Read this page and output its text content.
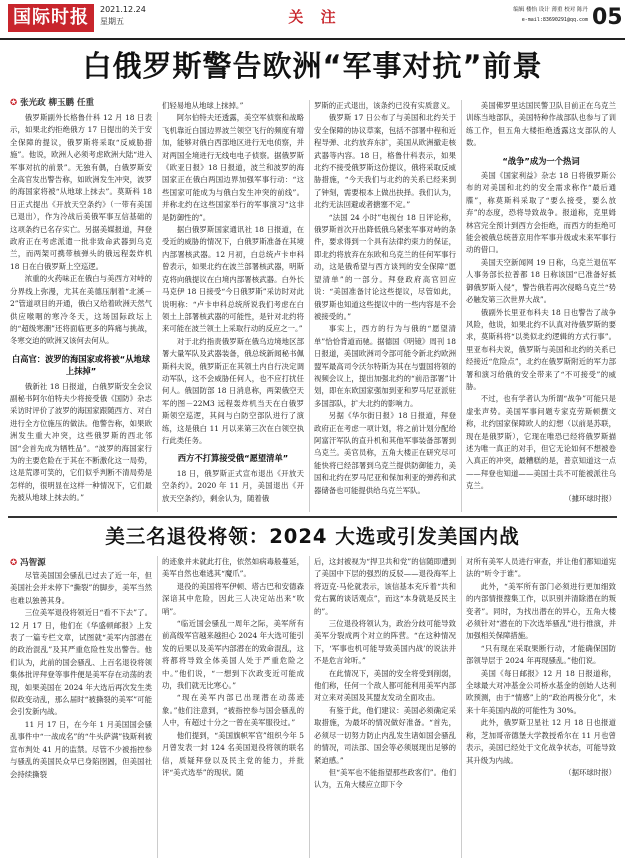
国际时报	2021.12.24
星期五	关 注	编辑 楼怡 设计 薄重 校对 陈丹
e-mail:83690291@qq.com 05
白俄罗斯警告欧洲“军事对抗”前景
✪ 张光政 柳玉鹏 任重

俄罗斯副外长格鲁什科 12 月 18 日表示，如果北约拒绝俄方 17 日提出的关于安全保障的提议，俄罗斯将采取“反威胁措施”。他说，欧洲人必须考虑欧洲大陆“进入军事对抗的前景”。无独有偶，白俄罗斯安全高官发出警告称，如欧洲发生冲突，波罗的海国家将被“从地球上抹去”。莫斯科 18 日正式提出《开放天空条约》（一带有美国已退出），作为冷战后美俄军事互信基础的这项条约已名存实亡。另据美媒报道，拜登政府正在考虑派遣一批非致命武器到乌克兰，而两架可携带核弹头的俄远程轰炸机 18 日在白俄罗斯上空巡逻。

浓重的火药味正在俄白与美西方对峙的分界线上弥漫，尤其在美德压制着“北溪－2”管道项目的开通，俄白又给着欧洲天然气供应喉咽的寒冷冬天，这场国际政坛上的“超级寒潮”还将面临更多的阵痛与挑战，冬寒交迫的欧洲又该何去何从。

白高官：波罗的海国家或将被“从地球上抹掉”

俄新社 18 日报道，白俄罗斯安全会议副秘书阿尔伯特夫少将接受俄《国防》杂志采访时评价了波罗的海国家跟随西方、对白进行全方位施压的做法。他警告称，如果欧洲发生重大冲突，这些俄罗斯的西北邻国“会首先成为牺牲品”。“波罗的海国家行为的主要危险在于其在不断激化这一局势，这是荒谬可笑的，它们似乎判断不清局势是怎样的，很明显在这样一种情况下，它们最先被从地球上抹去的。”

们轻易地从地球上抹掉。”

阿尔伯特夫还透露，美空军侦察和战略飞机靠近白国边界波兰领空飞行的频度有增加，能够对俄白西部地区进行无电侦察，并对两国全境进行无线电电子侦察。据俄罗斯《欧亚日报》18 日报道，波兰和波罗的海国家正在俄白两国边界加强军事行动：“这些国家可能成为与俄白发生冲突的前线”。并称北约在这些国家举行的军事演习“这非是防御性的”。

据白俄罗斯国家通讯社 18 日报道，在受近的威胁的情况下，白俄罗斯准备在其境内部署核武器。12 月初，白总统卢卡申科曾表示，如果北约在波兰部署核武器，明斯克将向俄提议在白境内部署核武器。白外长马克伊 18 日接受“今日俄罗斯”采访时对此说明称：“卢卡申科总统所说我们考虑在白领土上部署核武器的可能性，是针对北约将来可能在波兰领土上采取行动的反应之一。”

对于北约指责俄罗斯在俄乌边境地区部署大量军队及武器装备，俄总统新闻秘书佩斯科夫说，俄罗斯正在其领土内自行决定调动军队，这不会威胁任何人，也不应打扰任何人。俄国防部 18 日消息称，两架俄空天军的图－22M3 远程轰炸机当天在白俄罗斯领空巡逻，其间与白防空部队进行了演练，这是俄白 11 月以来第三次在白领空执行此类任务。

西方不打算接受俄“愿望清单”

18 日，俄罗斯正式宣布退出《开放天空条约》。2020 年 11 月，美国退出《开放天空条约》，剩余认为，随着俄

罗斯的正式退出，该条约已没有实质意义。

俄罗斯 17 日公布了与美国和北约关于安全保障的协议草案，包括不部署中程和近程导弹、北约放弃东扩，美国从欧洲撤走核武器等内容。18 日，格鲁什科表示，如果北约不接受俄罗斯这份提议，俄将采取反威胁措施，“今天我们与北约的关系已经来到了钟刻，需要根本上做出抉择。我们认为，北约无法回避或者搪塞不定。”

“法国 24 小时”电视台 18 日评论称，俄罗斯首次开出降低俄乌紧张军事对峙的条件，要求得到一个具有法律约束力的保证，即北约将放弃在东欧和乌克兰的任何军事行动，这是俄希望与西方谈判的安全保障“愿望清单”的一部分。拜登政府高官回应说：“美国准备讨论这些提议，尽管如此，俄罗斯也知道这些提议中的一些内容是不会被接受的。”

事实上，西方的行为与俄的“愿望清单”恰恰背道而驰。据德国《明镜》周刊 18 日报道，美国欧洲司令部可能令新北约欧洲盟军最高司令沃尔特斯为其在与盟国将领的视频会议上，提出加强北约的“前沿部署”计划，即在东欧国家强加到亚和罗马尼亚派驻多国部队，扩大北约的影响力。

另据《华尔街日报》18 日报道，拜登政府正在考虑一项计划，将之前计划分配给阿富汗军队的直升机和其他军事装备部署到乌克兰。美官员称，五角大楼正在研究尽可能快将已经部署到乌克兰提供防御能力，美国和北约在罗马尼亚和保加利亚的弹药和武器储备也可能提供给乌克兰军队。

美国佛罗里达国民警卫队目前正在乌克兰训练当地部队，美国特种作战部队也参与了训练工作，但五角大楼拒绝透露这支部队的人数。

“战争”成为一个热词

美国《国家利益》杂志 18 日将俄罗斯公布的对美国和北约的安全需求称作“最后通牒”，称莫斯科采取了“要么接受，要么放弃”的态度，恐将导致战争。报道称，克里姆林宫完全预计到西方会拒绝，而西方的拒绝可能会被俄总统普京用作军事升级或未来军事行动的借口。

美国天空新闻网 19 日称，乌克兰退伍军人事务部长拉普都 18 日称该国“已准备好抵御俄罗斯入侵”，警告俄若再次侵略乌克兰“势必触发第三次世界大战”。

俄副外长里亚布科夫 18 日也警告了战争风险，他说，如果北约不认真对待俄罗斯的要求，莫斯科将“以类似北约逻辑的方式行事”。里亚布科夫说，俄罗斯与美国和北约的关系已经接近“危险点”，北约在俄罗斯附近的军力部署和演习给俄的安全带来了“不可接受”的威胁。

不过，也有学者认为所谓“战争”可能只是虚张声势。美国军事问题专家克劳斯顿撰文称，北约国家保障欧人的幻想（以前是苏联，现在是俄罗斯），它现在唯恐已经将俄罗斯描述为唯一真正的对手，但它无论如何不想被卷入真正的冲突，最糟糕的是，普京知道这一点——拜登也知道——美国士兵不可能被派往乌克兰。

（據环球时报）

美三名退役将领：2024 大选或引发美国内战
✪ 冯智源

尽管美国国会骚乱已过去了近一年，但美国社会并未停下“撕裂”的脚步，美军当然也难以独善其身。

三位美军退役将领近日“看不下去”了。12 月 17 日，他们在《华盛顿邮报》上发表了一篇专栏文章，试图就“美军内部潜在的政治混乱”及其严重危险性发出警告。他们认为，此前的国会骚乱、上百名退役将领集体批评拜登等事件便是美军存在动荡的表现，如果美国在 2024 年大选后再次发生类似政变动乱，那么届时“被撕裂的美军”可能会引发新内战。

11 月 17 日，在今年 1 月美国国会骚乱事件中“一战成名”的“牛头萨满”钱斯利被宣布判处 41 月的监禁。尽管不少被指控参与骚乱的美国民众早已身陷囹圄，但美国社会持续撕裂

的迹象并未就此打住，依然如病毒般蔓延，美军自然也难逃其“魔爪”。

退役的美国将军伊顿、塔古巴和安德森深谙其中危险，因此三人决定站出来“吹哨”。

“临近国会骚乱一周年之际，美军所有前高级军官越来越担心 2024 年大选可能引发的后果以及美军内部潜在的致命混乱，这将都将导致全体美国人处于严重危险之中。”他们说，“一想到下次政变近可能成功，我们就无比寒心。”

“现在美军内部已出现潜在动荡迹象。”他们注意到，“被指控参与国会骚乱的人中，有超过十分之一曾在美军服役过。”

他们提到，“美国旗帜军官”组织今年 5 月曾发表一封 124 名美国退役将领的联名信，质疑拜登以及民主党的能力，并批评“美式选举”的现状。随

后，这封被视为“捍卫共和党”的信随即遭到了美国中下层的强烈的反驳——退役海军上将迈克·马伦就表示，该信基本充斥着“共和党右翼的谈话观点”，而这“本身就是反民主的”。

三位退役将领认为，政治分歧可能导致美军分裂成两个对立的阵营。“在这种情况下，‘军事也机可能导致美国内战’的说法并不是危言耸听。”

在此情况下，美国的安全将受到削弱，他们称，任何一个敌人都可能利用美军内部对立来对美国及其盟友发动全面攻击。

有鉴于此，他们建议：美国必须确定采取措施，为最坏的情况做好准备。“首先，必须尽一切努力防止内乱发生诸如国会骚乱的情况，司法部、国会等必须展现出足够的紧迫感。”

但“美军也不能指望那些政客们”。他们认为，五角大楼应立即下令

对所有美军人员进行审查，并让他们都知道宪法的“听令于谁”。

此外，“美军所有部门必须进行更加细致的内部情报搜集工作，以识别并清除潜在的叛变者”。同时，为找出潜在的异心，五角大楼必须针对“潜在的下次选举骚乱”进行推演，并加强相关保障措施。

“只有现在采取果断行动，才能确保国防部领导层于 2024 年再现骚乱。”他们说。

美国《每日邮报》12 月 18 日报道称，全球最大对冲基金公司桥水基金的创始人达利欧预测，由于“情感”上的“政治两极分化”，未来十年美国内战的可能性为 30%。

此外，俄罗斯卫星社 12 月 18 日也报道称，芝加哥帝德堡大学教授希尔在 11 月也曾表示，美国已经处于文化战争状态，可能导致其升级为内战。

（据环球时报）
